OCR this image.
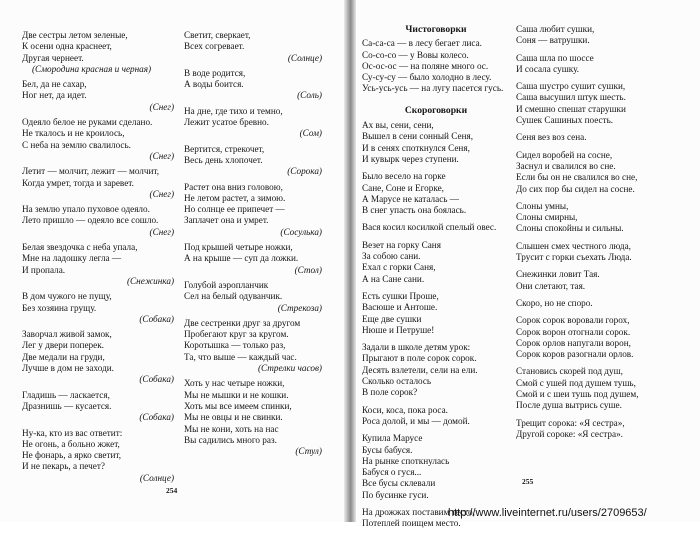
Две сестры летом зеленые,
К осени одна краснеет,
Другая чернеет.
(Смородина красная и черная)
Бел, да не сахар,
Ног нет, да идет.
(Снег)
Одеяло белое не руками сделано.
Не ткалось и не кроилось,
С неба на землю свалилось.
(Снег)
Летит — молчит, лежит — молчит,
Когда умрет, тогда и заревет.
(Снег)
На землю упало пуховое одеяло.
Лето пришло — одеяло все сошло.
(Снег)
Белая звездочка с неба упала,
Мне на ладошку легла —
И пропала.
(Снежинка)
В дом чужого не пущу,
Без хозяина грущу.
(Собака)
Заворчал живой замок,
Лег у двери поперек.
Две медали на груди,
Лучше в дом не заходи.
(Собака)
Гладишь — ласкается,
Дразнишь — кусается.
(Собака)
Ну-ка, кто из вас ответит:
Не огонь, а больно жжет,
Не фонарь, а ярко светит,
И не пекарь, а печет?
(Солнце)
Светит, сверкает,
Всех согревает.
(Солнце)
В воде родится,
А воды боится.
(Соль)
На дне, где тихо и темно,
Лежит усатое бревно.
(Сом)
Вертится, стрекочет,
Весь день хлопочет.
(Сорока)
Растет она вниз головою,
Не летом растет, а зимою.
Но солнце ее припечет —
Заплачет она и умрет.
(Сосулька)
Под крышей четыре ножки,
А на крыше — суп да ложки.
(Стол)
Голубой аэропланчик
Сел на белый одуванчик.
(Стрекоза)
Две сестренки друг за другом
Пробегают круг за кругом.
Коротышка — только раз,
Та, что выше — каждый час.
(Стрелки часов)
Хоть у нас четыре ножки,
Мы не мышки и не кошки.
Хоть мы все имеем спинки,
Мы не овцы и не свинки.
Мы не кони, хоть на нас
Вы садились много раз.
(Стул)
254
Чистоговорки
Са-са-са — в лесу бегает лиса.
Со-со-со — у Вовы колесо.
Ос-ос-ос — на поляне много ос.
Су-су-су — было холодно в лесу.
Усь-усь-усь — на лугу пасется гусь.
Скороговорки
Ах вы, сени, сени,
Вышел в сени сонный Сеня,
И в сенях споткнулся Сеня,
И кувырк через ступени.
Было весело на горке
Сане, Соне и Егорке,
А Марусе не каталась —
В снег упасть она боялась.
Вася косил косилкой спелый овес.
Везет на горку Саня
За собою сани.
Ехал с горки Саня,
А на Сане сани.
Есть сушки Проше,
Васюше и Антоше.
Еще две сушки
Нюше и Петруше!
Задали в школе детям урок:
Прыгают в поле сорок сорок.
Десять взлетели, сели на ели.
Сколько осталось
В поле сорок?
Коси, коса, пока роса.
Роса долой, и мы — домой.
Купила Марусе
Бусы бабуся.
На рынке споткнулась
Бабуся о гуся...
Все бусы склевали
По бусинке гуси.
На дрожжах поставим тесто,
Потеплей поищем место.
Саша любит сушки,
Соня — ватрушки.
Саша шла по шоссе
И сосала сушку.
Саша шустро сушит сушки,
Саша высушил штук шесть.
И смешно спешат старушки
Сушек Сашиных поесть.
Сеня вез воз сена.
Сидел воробей на сосне,
Заснул и свалился во сне.
Если бы он не свалился во сне,
До сих пор бы сидел на сосне.
Слоны умны,
Слоны смирны,
Слоны спокойны и сильны.
Слышен смех честного люда,
Трусит с горки съехать Люда.
Снежинки ловит Тая.
Они слетают, тая.
Скоро, но не споро.
Сорок сорок воровали горох,
Сорок ворон отогнали сорок.
Сорок орлов напугали ворон,
Сорок коров разогнали орлов.
Становись скорей под душ,
Смой с ушей под душем тушь,
Смой и с шеи тушь под душем,
После душа вытрись суше.
Трещит сорока: «Я сестра»,
Другой сороке: «Я сестра».
255
http://www.liveinternet.ru/users/2709653/
